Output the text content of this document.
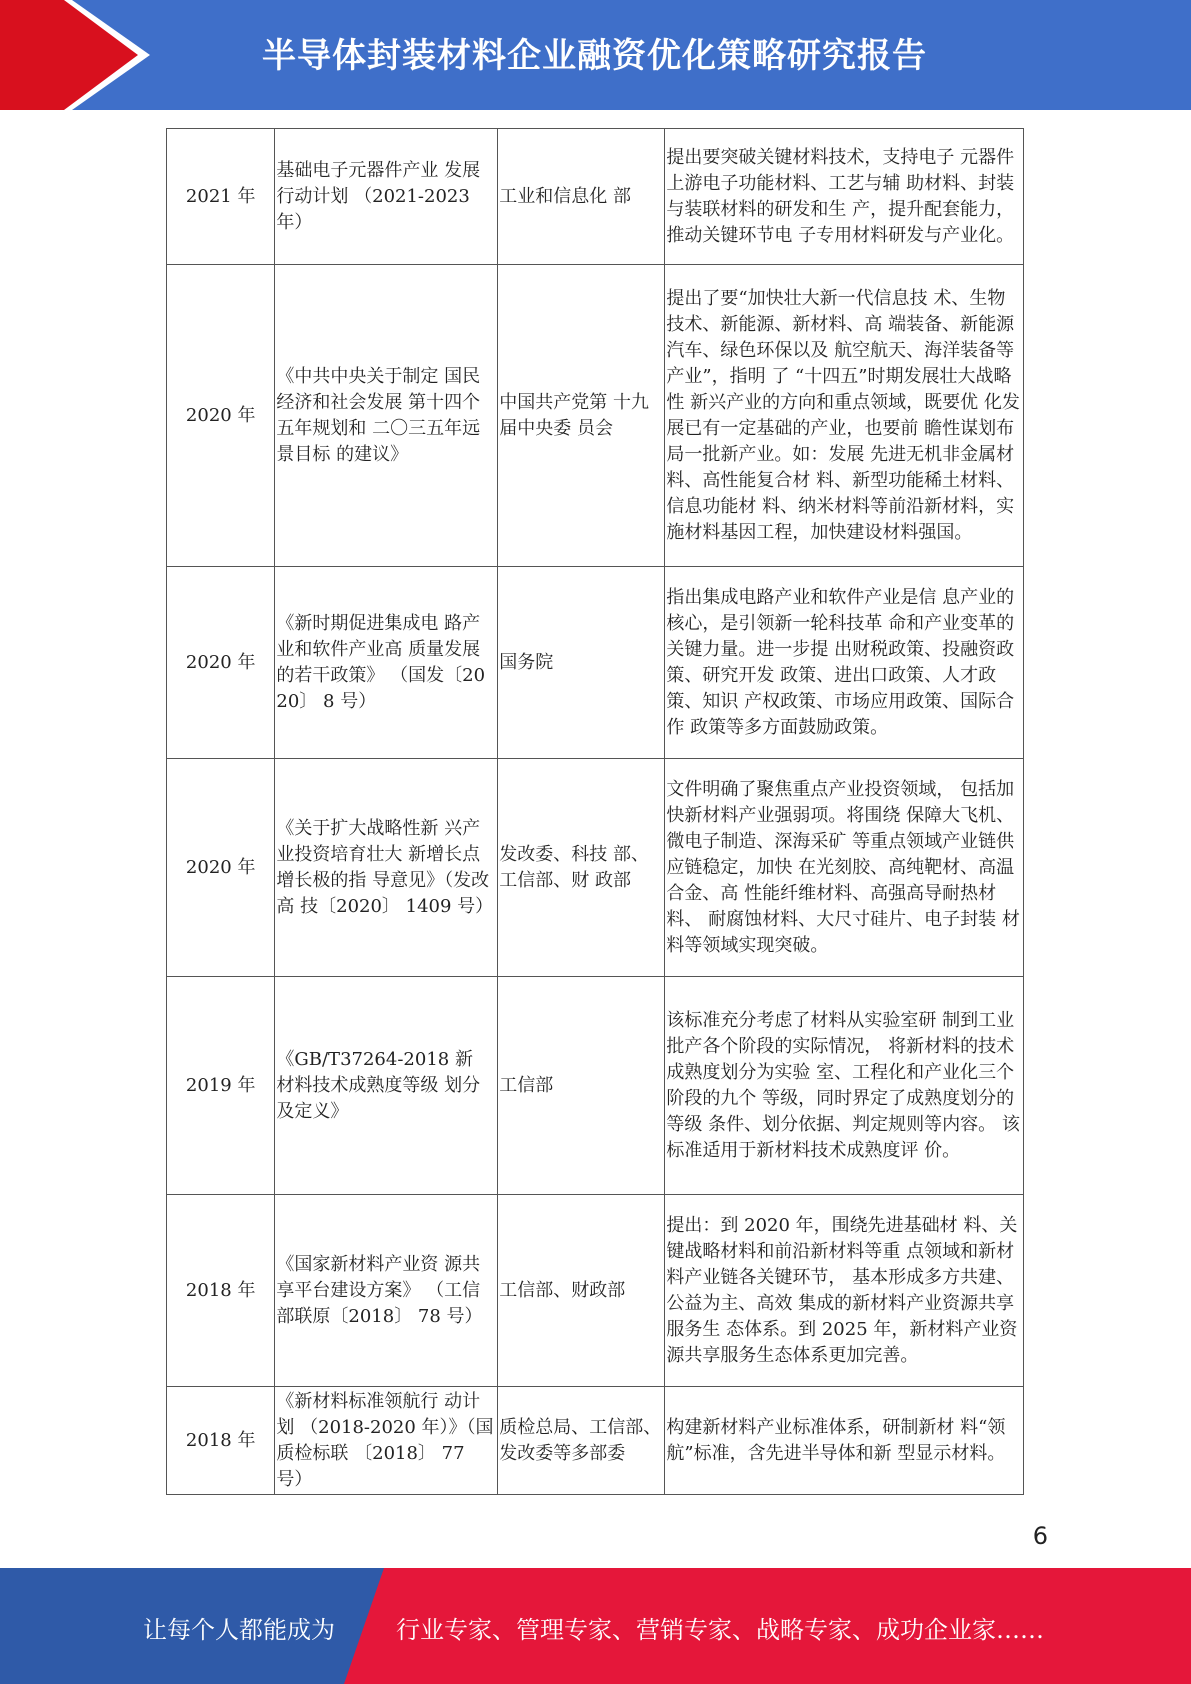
半导体封装材料企业融资优化策略研究报告
2021 年	基础电子元器件产业 发展行动计划 （2021-2023 年）	工业和信息化 部	提出要突破关键材料技术，支持电子 元器件上游电子功能材料、工艺与辅 助材料、封装与装联材料的研发和生 产，提升配套能力，推动关键环节电 子专用材料研发与产业化。
2020 年	《中共中央关于制定 国民经济和社会发展 第十四个五年规划和 二〇三五年远景目标 的建议》	中国共产党第 十九届中央委 员会	提出了要“加快壮大新一代信息技 术、生物技术、新能源、新材料、高 端装备、新能源汽车、绿色环保以及 航空航天、海洋装备等产业”，指明 了 “十四五”时期发展壮大战略性 新兴产业的方向和重点领域，既要优 化发展已有一定基础的产业，也要前 瞻性谋划布局一批新产业。如：发展 先进无机非金属材料、高性能复合材 料、新型功能稀土材料、信息功能材 料、纳米材料等前沿新材料，实施材料基因工程，加快建设材料强国。
2020 年	《新时期促进集成电 路产业和软件产业高 质量发展的若干政策》 （国发〔2020〕 8 号）	国务院	指出集成电路产业和软件产业是信 息产业的核心，是引领新一轮科技革 命和产业变革的关键力量。进一步提 出财税政策、投融资政策、研究开发 政策、进出口政策、人才政策、知识 产权政策、市场应用政策、国际合作 政策等多方面鼓励政策。
2020 年	《关于扩大战略性新 兴产业投资培育壮大 新增长点增长极的指 导意见》（发改高 技〔2020〕 1409 号）	发改委、科技 部、工信部、财 政部	文件明确了聚焦重点产业投资领域， 包括加快新材料产业强弱项。将围绕 保障大飞机、微电子制造、深海采矿 等重点领域产业链供应链稳定，加快 在光刻胶、高纯靶材、高温合金、高 性能纤维材料、高强高导耐热材料、 耐腐蚀材料、大尺寸硅片、电子封装 材料等领域实现突破。
2019 年	《GB/T37264-2018 新 材料技术成熟度等级 划分及定义》	工信部	该标准充分考虑了材料从实验室研 制到工业批产各个阶段的实际情况， 将新材料的技术成熟度划分为实验 室、工程化和产业化三个阶段的九个 等级，同时界定了成熟度划分的等级 条件、划分依据、判定规则等内容。 该标准适用于新材料技术成熟度评 价。
2018 年	《国家新材料产业资 源共享平台建设方案》 （工信部联原〔2018〕 78 号）	工信部、财政部	提出：到 2020 年，围绕先进基础材 料、关键战略材料和前沿新材料等重 点领域和新材料产业链各关键环节， 基本形成多方共建、公益为主、高效 集成的新材料产业资源共享服务生 态体系。到 2025 年，新材料产业资 源共享服务生态体系更加完善。
2018 年	《新材料标准领航行 动计划 （2018-2020 年）》（国质检标联 〔2018〕 77 号）	质检总局、工信部、发改委等多部委	构建新材料产业标准体系，研制新材 料“领航”标准，含先进半导体和新 型显示材料。
6
让每个人都能成为	行业专家、管理专家、营销专家、战略专家、成功企业家……
